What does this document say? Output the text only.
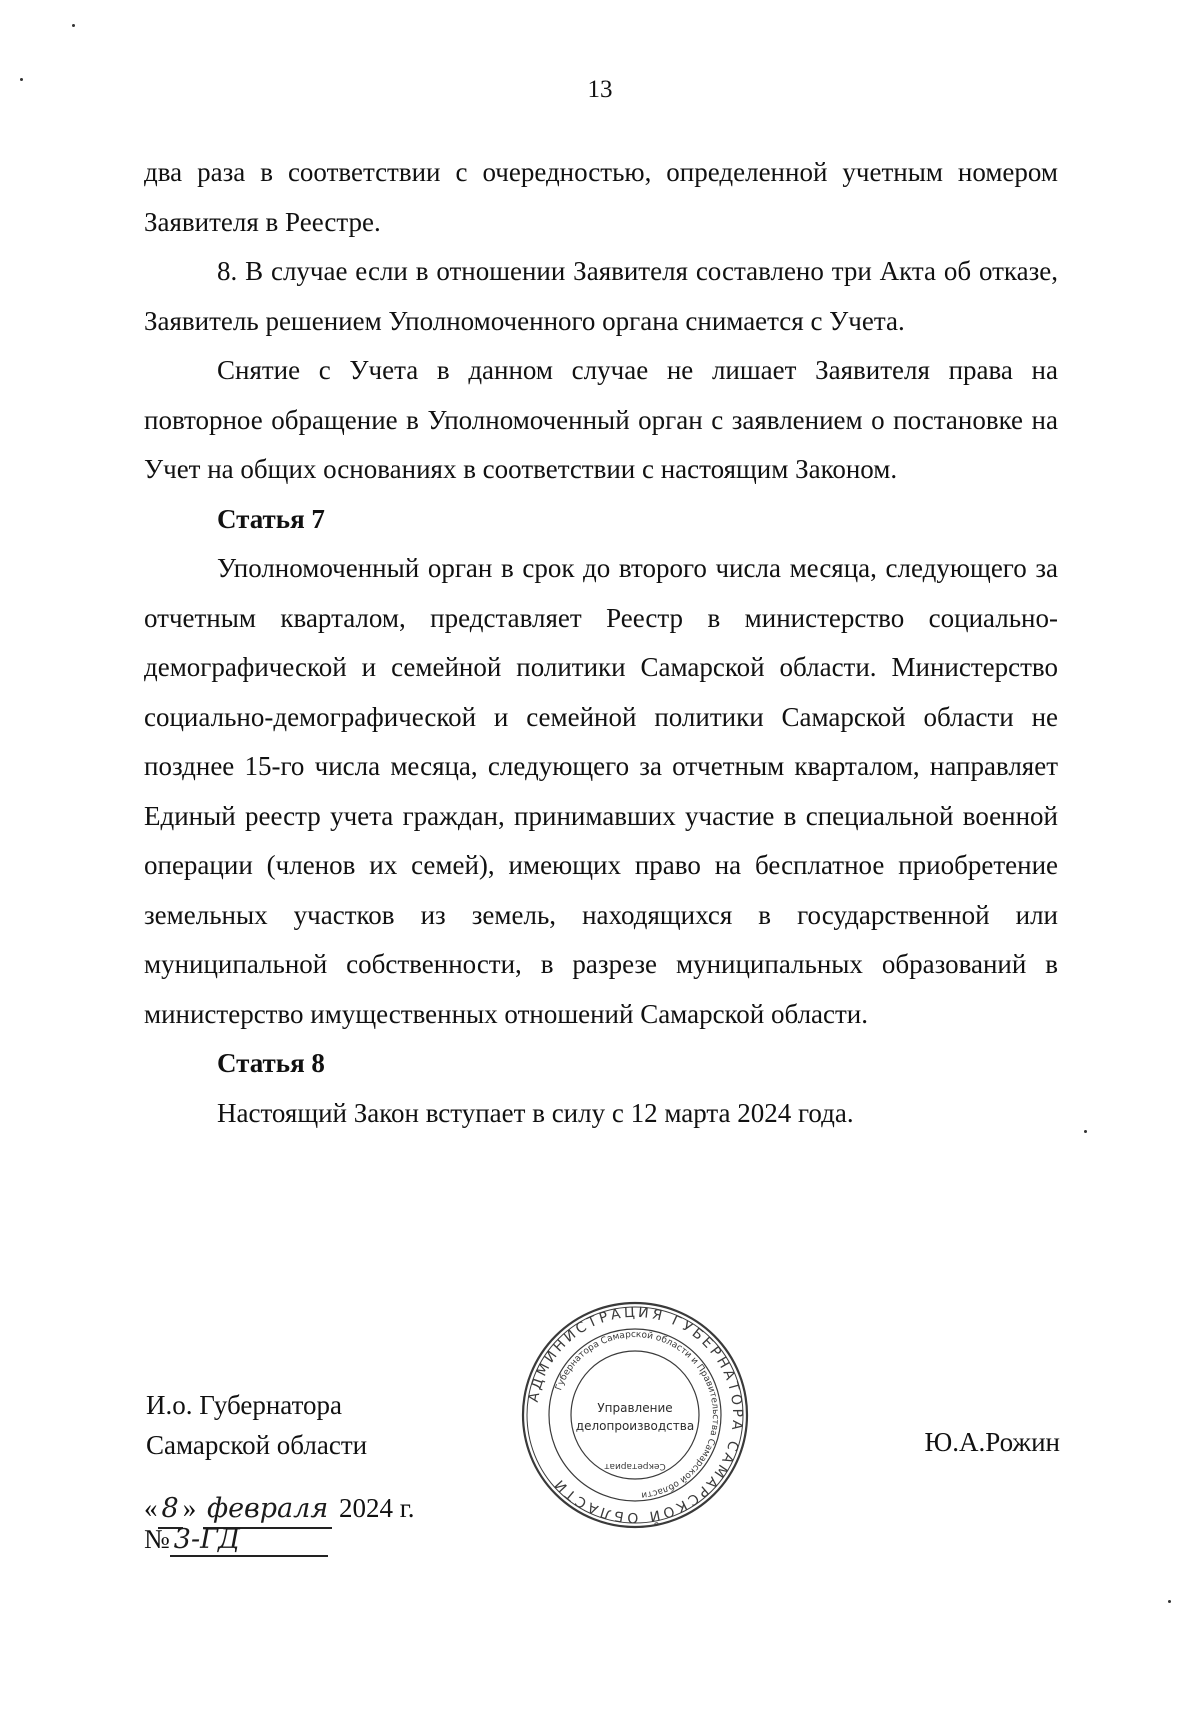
13

два раза в соответствии с очередностью, определенной учетным номером Заявителя в Реестре.

8. В случае если в отношении Заявителя составлено три Акта об отказе, Заявитель решением Уполномоченного органа снимается с Учета.

Снятие с Учета в данном случае не лишает Заявителя права на повторное обращение в Уполномоченный орган с заявлением о постановке на Учет на общих основаниях в соответствии с настоящим Законом.

Статья 7

Уполномоченный орган в срок до второго числа месяца, следующего за отчетным кварталом, представляет Реестр в министерство социально-демографической и семейной политики Самарской области. Министерство социально-демографической и семейной политики Самарской области не позднее 15-го числа месяца, следующего за отчетным кварталом, направляет Единый реестр учета граждан, принимавших участие в специальной военной операции (членов их семей), имеющих право на бесплатное приобретение земельных участков из земель, находящихся в государственной или муниципальной собственности, в разрезе муниципальных образований в министерство имущественных отношений Самарской области.

Статья 8

Настоящий Закон вступает в силу с 12 марта 2024 года.

И.о. Губернатора
Самарской области	Ю.А.Рожин
« 8 » февраля 2024 г.
№ 3-ГД
АДМИНИСТРАЦИЯ ГУБЕРНАТОРА САМАРСКОЙ ОБЛАСТИ
Губернатора Самарской области и Правительства Самарской области
Секретариат
Управление
делопроизводства
